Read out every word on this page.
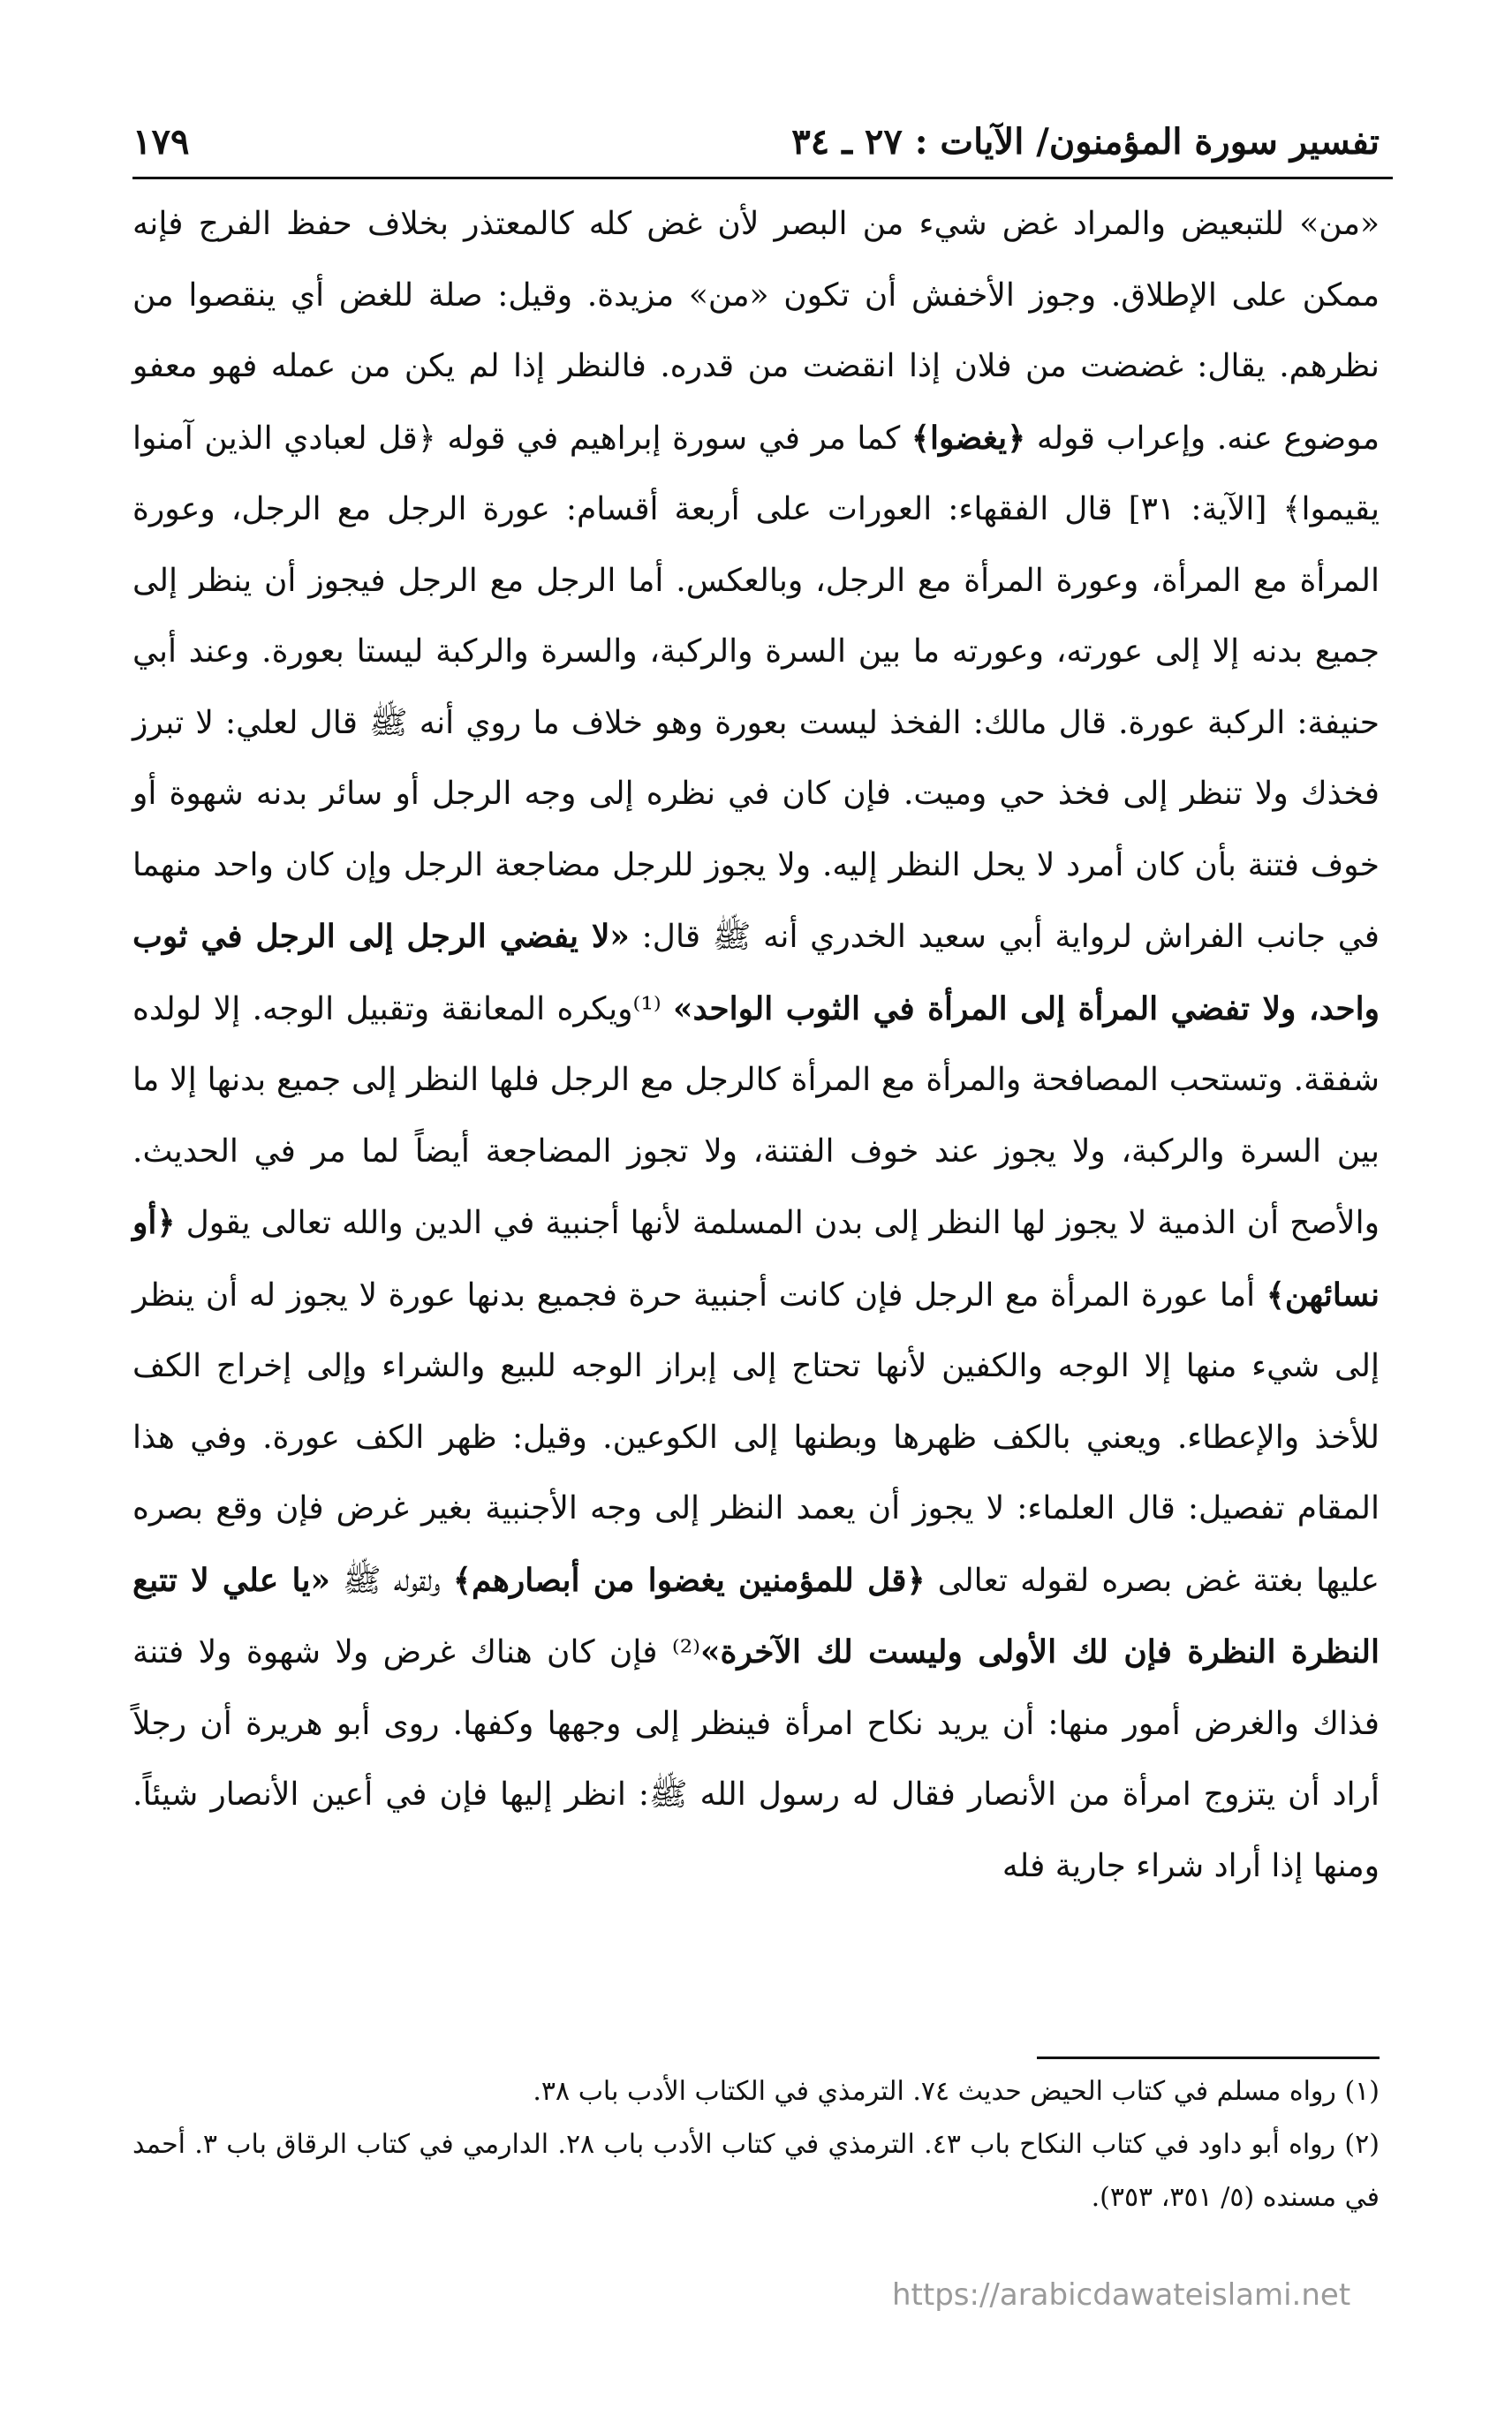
تفسير سورة المؤمنون/ الآيات : ٢٧ ـ ٣٤
١٧٩

«من» للتبعيض والمراد غض شيء من البصر لأن غض كله كالمعتذر بخلاف حفظ الفرج فإنه ممكن على الإطلاق. وجوز الأخفش أن تكون «من» مزيدة. وقيل: صلة للغض أي ينقصوا من نظرهم. يقال: غضضت من فلان إذا انقضت من قدره. فالنظر إذا لم يكن من عمله فهو معفو موضوع عنه. وإعراب قوله ﴿يغضوا﴾ كما مر في سورة إبراهيم في قوله ﴿قل لعبادي الذين آمنوا يقيموا﴾ [الآية: ٣١] قال الفقهاء: العورات على أربعة أقسام: عورة الرجل مع الرجل، وعورة المرأة مع المرأة، وعورة المرأة مع الرجل، وبالعكس. أما الرجل مع الرجل فيجوز أن ينظر إلى جميع بدنه إلا إلى عورته، وعورته ما بين السرة والركبة، والسرة والركبة ليستا بعورة. وعند أبي حنيفة: الركبة عورة. قال مالك: الفخذ ليست بعورة وهو خلاف ما روي أنه ﷺ قال لعلي: لا تبرز فخذك ولا تنظر إلى فخذ حي وميت. فإن كان في نظره إلى وجه الرجل أو سائر بدنه شهوة أو خوف فتنة بأن كان أمرد لا يحل النظر إليه. ولا يجوز للرجل مضاجعة الرجل وإن كان واحد منهما في جانب الفراش لرواية أبي سعيد الخدري أنه ﷺ قال: «لا يفضي الرجل إلى الرجل في ثوب واحد، ولا تفضي المرأة إلى المرأة في الثوب الواحد» ⁽¹⁾ويكره المعانقة وتقبيل الوجه. إلا لولده شفقة. وتستحب المصافحة والمرأة مع المرأة كالرجل مع الرجل فلها النظر إلى جميع بدنها إلا ما بين السرة والركبة، ولا يجوز عند خوف الفتنة، ولا تجوز المضاجعة أيضاً لما مر في الحديث. والأصح أن الذمية لا يجوز لها النظر إلى بدن المسلمة لأنها أجنبية في الدين والله تعالى يقول ﴿أو نسائهن﴾ أما عورة المرأة مع الرجل فإن كانت أجنبية حرة فجميع بدنها عورة لا يجوز له أن ينظر إلى شيء منها إلا الوجه والكفين لأنها تحتاج إلى إبراز الوجه للبيع والشراء وإلى إخراج الكف للأخذ والإعطاء. ويعني بالكف ظهرها وبطنها إلى الكوعين. وقيل: ظهر الكف عورة. وفي هذا المقام تفصيل: قال العلماء: لا يجوز أن يعمد النظر إلى وجه الأجنبية بغير غرض فإن وقع بصره عليها بغتة غض بصره لقوله تعالى ﴿قل للمؤمنين يغضوا من أبصارهم﴾ ولقوله ﷺ «يا علي لا تتبع النظرة النظرة فإن لك الأولى وليست لك الآخرة»⁽²⁾ فإن كان هناك غرض ولا شهوة ولا فتنة فذاك والغرض أمور منها: أن يريد نكاح امرأة فينظر إلى وجهها وكفها. روى أبو هريرة أن رجلاً أراد أن يتزوج امرأة من الأنصار فقال له رسول الله ﷺ: انظر إليها فإن في أعين الأنصار شيئاً. ومنها إذا أراد شراء جارية فله

(١) رواه مسلم في كتاب الحيض حديث ٧٤. الترمذي في الكتاب الأدب باب ٣٨.

(٢) رواه أبو داود في كتاب النكاح باب ٤٣. الترمذي في كتاب الأدب باب ٢٨. الدارمي في كتاب الرقاق باب ٣. أحمد في مسنده (٥/ ٣٥١، ٣٥٣).

https://arabicdawateislami.net
